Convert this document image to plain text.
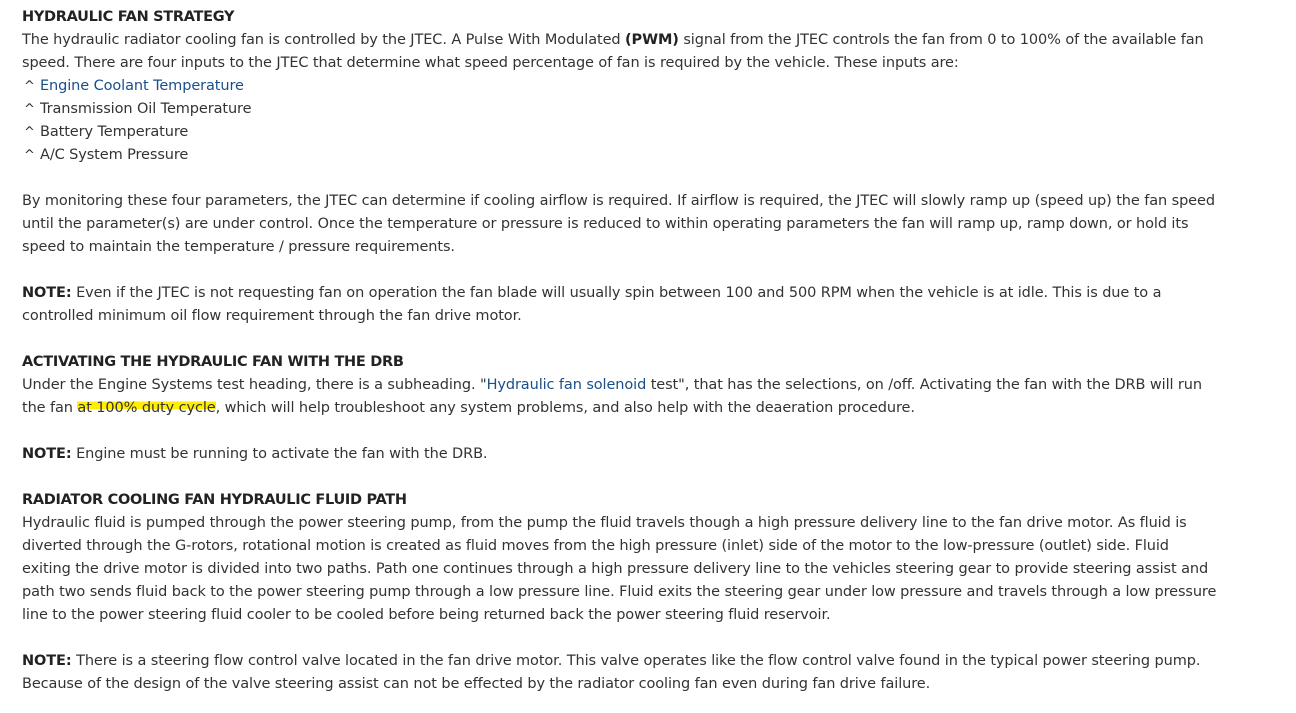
HYDRAULIC FAN STRATEGY

The hydraulic radiator cooling fan is controlled by the JTEC. A Pulse With Modulated (PWM) signal from the JTEC controls the fan from 0 to 100% of the available fan speed. There are four inputs to the JTEC that determine what speed percentage of fan is required by the vehicle. These inputs are:

^ Engine Coolant Temperature
^ Transmission Oil Temperature
^ Battery Temperature
^ A/C System Pressure

By monitoring these four parameters, the JTEC can determine if cooling airflow is required. If airflow is required, the JTEC will slowly ramp up (speed up) the fan speed until the parameter(s) are under control. Once the temperature or pressure is reduced to within operating parameters the fan will ramp up, ramp down, or hold its speed to maintain the temperature / pressure requirements.

NOTE: Even if the JTEC is not requesting fan on operation the fan blade will usually spin between 100 and 500 RPM when the vehicle is at idle. This is due to a controlled minimum oil flow requirement through the fan drive motor.

ACTIVATING THE HYDRAULIC FAN WITH THE DRB

Under the Engine Systems test heading, there is a subheading. "Hydraulic fan solenoid test", that has the selections, on /off. Activating the fan with the DRB will run the fan at 100% duty cycle, which will help troubleshoot any system problems, and also help with the deaeration procedure.

NOTE: Engine must be running to activate the fan with the DRB.

RADIATOR COOLING FAN HYDRAULIC FLUID PATH

Hydraulic fluid is pumped through the power steering pump, from the pump the fluid travels though a high pressure delivery line to the fan drive motor. As fluid is diverted through the G-rotors, rotational motion is created as fluid moves from the high pressure (inlet) side of the motor to the low-pressure (outlet) side. Fluid exiting the drive motor is divided into two paths. Path one continues through a high pressure delivery line to the vehicles steering gear to provide steering assist and path two sends fluid back to the power steering pump through a low pressure line. Fluid exits the steering gear under low pressure and travels through a low pressure line to the power steering fluid cooler to be cooled before being returned back the power steering fluid reservoir.

NOTE: There is a steering flow control valve located in the fan drive motor. This valve operates like the flow control valve found in the typical power steering pump. Because of the design of the valve steering assist can not be effected by the radiator cooling fan even during fan drive failure.
